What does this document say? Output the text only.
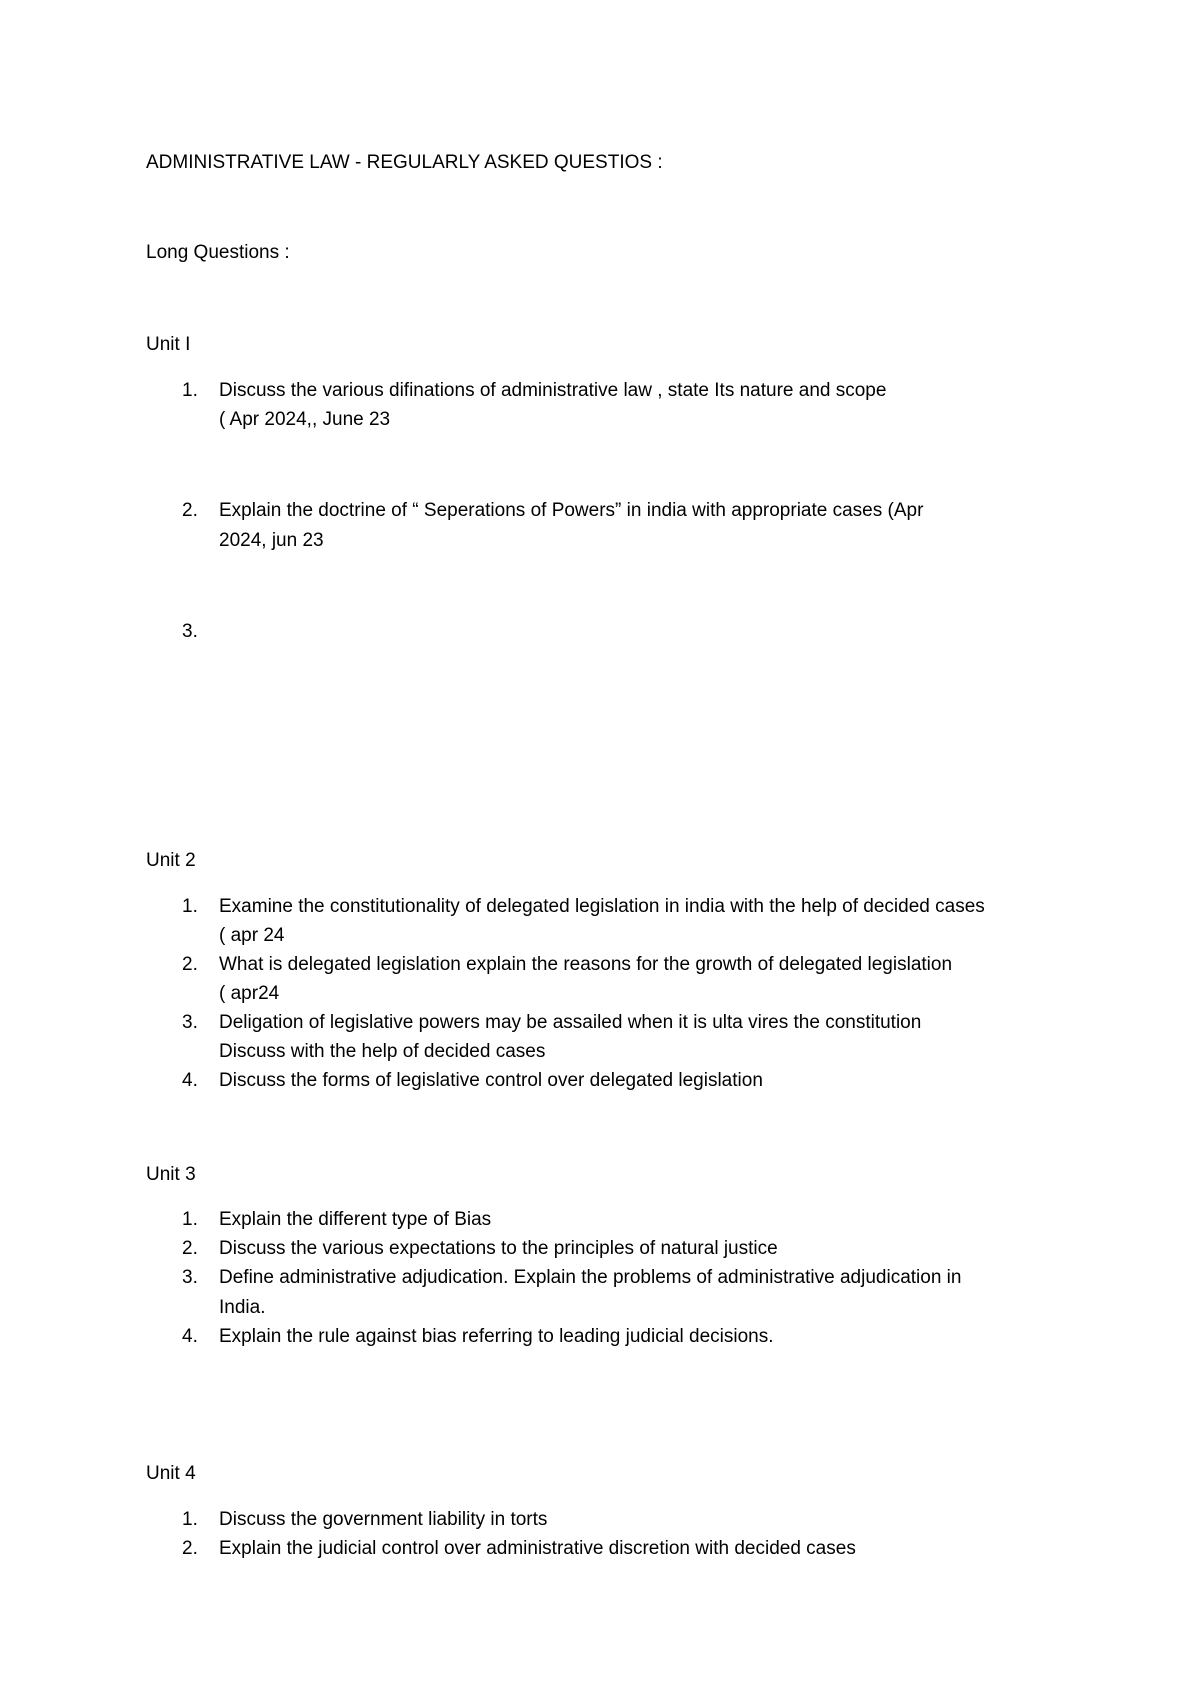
ADMINISTRATIVE LAW - REGULARLY ASKED QUESTIOS :
Long Questions :
Unit I
1. Discuss the various difinations of administrative law , state Its nature and scope
( Apr 2024,, June 23
2. Explain the doctrine of “ Seperations of Powers” in india with appropriate cases (Apr
2024, jun 23
3.
Unit 2
1. Examine the constitutionality of delegated legislation in india with the help of decided cases
( apr 24
2. What is delegated legislation explain the reasons for the growth of delegated legislation
( apr24
3. Deligation of legislative powers may be assailed when it is ulta vires the constitution
Discuss with the help of decided cases
4. Discuss the forms of legislative control over delegated legislation
Unit 3
1. Explain the different type of Bias
2. Discuss the various expectations to the principles of natural justice
3. Define administrative adjudication. Explain the problems of administrative adjudication in
India.
4. Explain the rule against bias referring to leading judicial decisions.
Unit 4
1. Discuss the government liability in torts
2. Explain the judicial control over administrative discretion with decided cases
